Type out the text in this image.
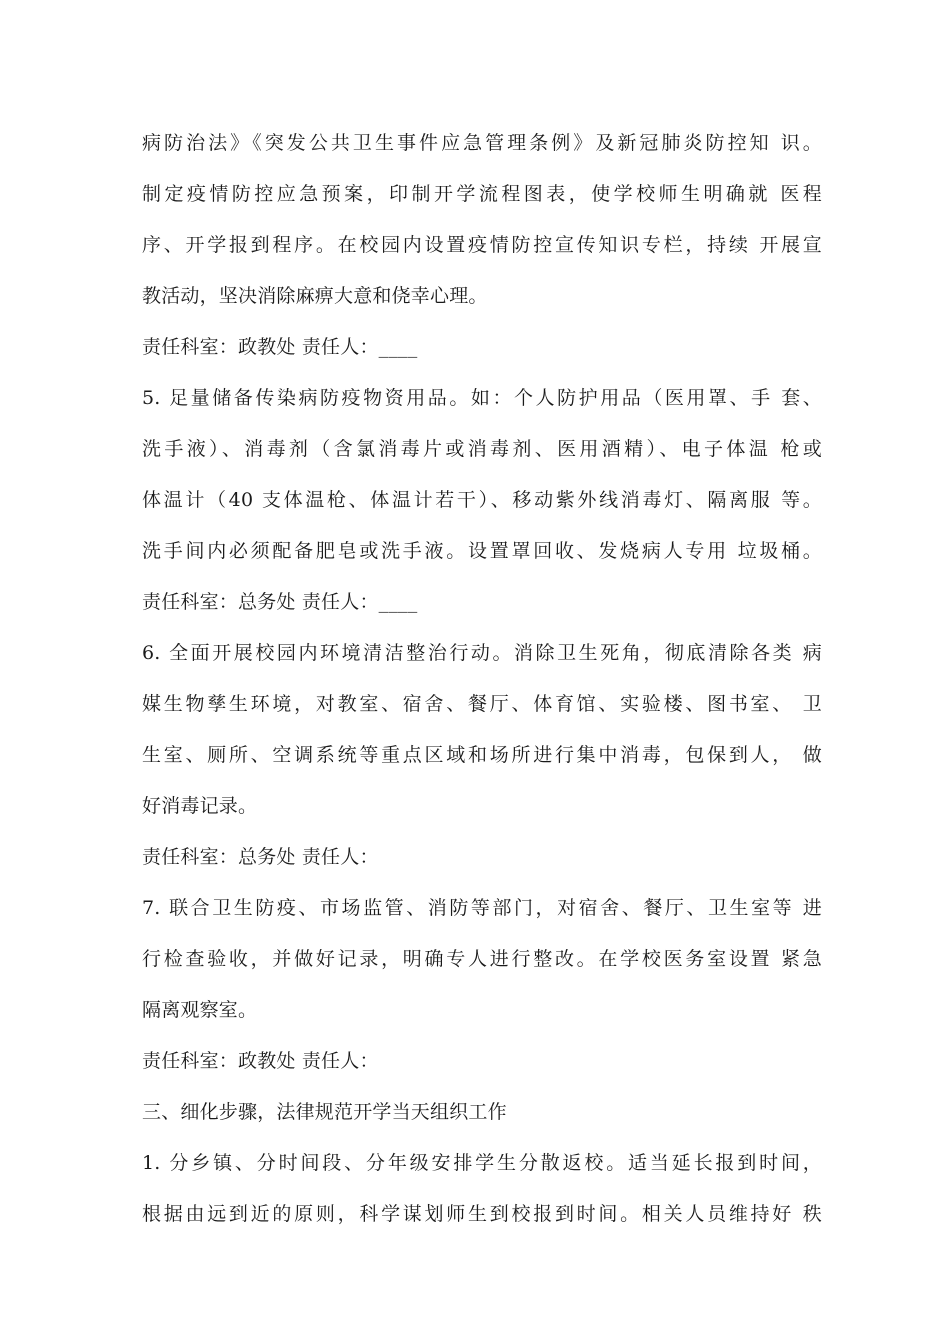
病防治法》《突发公共卫生事件应急管理条例》及新冠肺炎防控知 识。
制定疫情防控应急预案，印制开学流程图表，使学校师生明确就 医程
序、开学报到程序。在校园内设置疫情防控宣传知识专栏，持续 开展宣
教活动，坚决消除麻痹大意和侥幸心理。
责任科室：政教处 责任人：____
5. 足量储备传染病防疫物资用品。如：个人防护用品（医用罩、手 套、
洗手液）、消毒剂（含氯消毒片或消毒剂、医用酒精）、电子体温 枪或
体温计（40 支体温枪、体温计若干）、移动紫外线消毒灯、隔离服 等。
洗手间内必须配备肥皂或洗手液。设置罩回收、发烧病人专用 垃圾桶。
责任科室：总务处 责任人：____
6. 全面开展校园内环境清洁整治行动。消除卫生死角，彻底清除各类 病
媒生物孳生环境，对教室、宿舍、餐厅、体育馆、实验楼、图书室、 卫
生室、厕所、空调系统等重点区域和场所进行集中消毒，包保到人， 做
好消毒记录。
责任科室：总务处 责任人：
7. 联合卫生防疫、市场监管、消防等部门，对宿舍、餐厅、卫生室等 进
行检查验收，并做好记录，明确专人进行整改。在学校医务室设置 紧急
隔离观察室。
责任科室：政教处 责任人：
三、细化步骤，法律规范开学当天组织工作
1. 分乡镇、分时间段、分年级安排学生分散返校。适当延长报到时间，
根据由远到近的原则，科学谋划师生到校报到时间。相关人员维持好 秩
